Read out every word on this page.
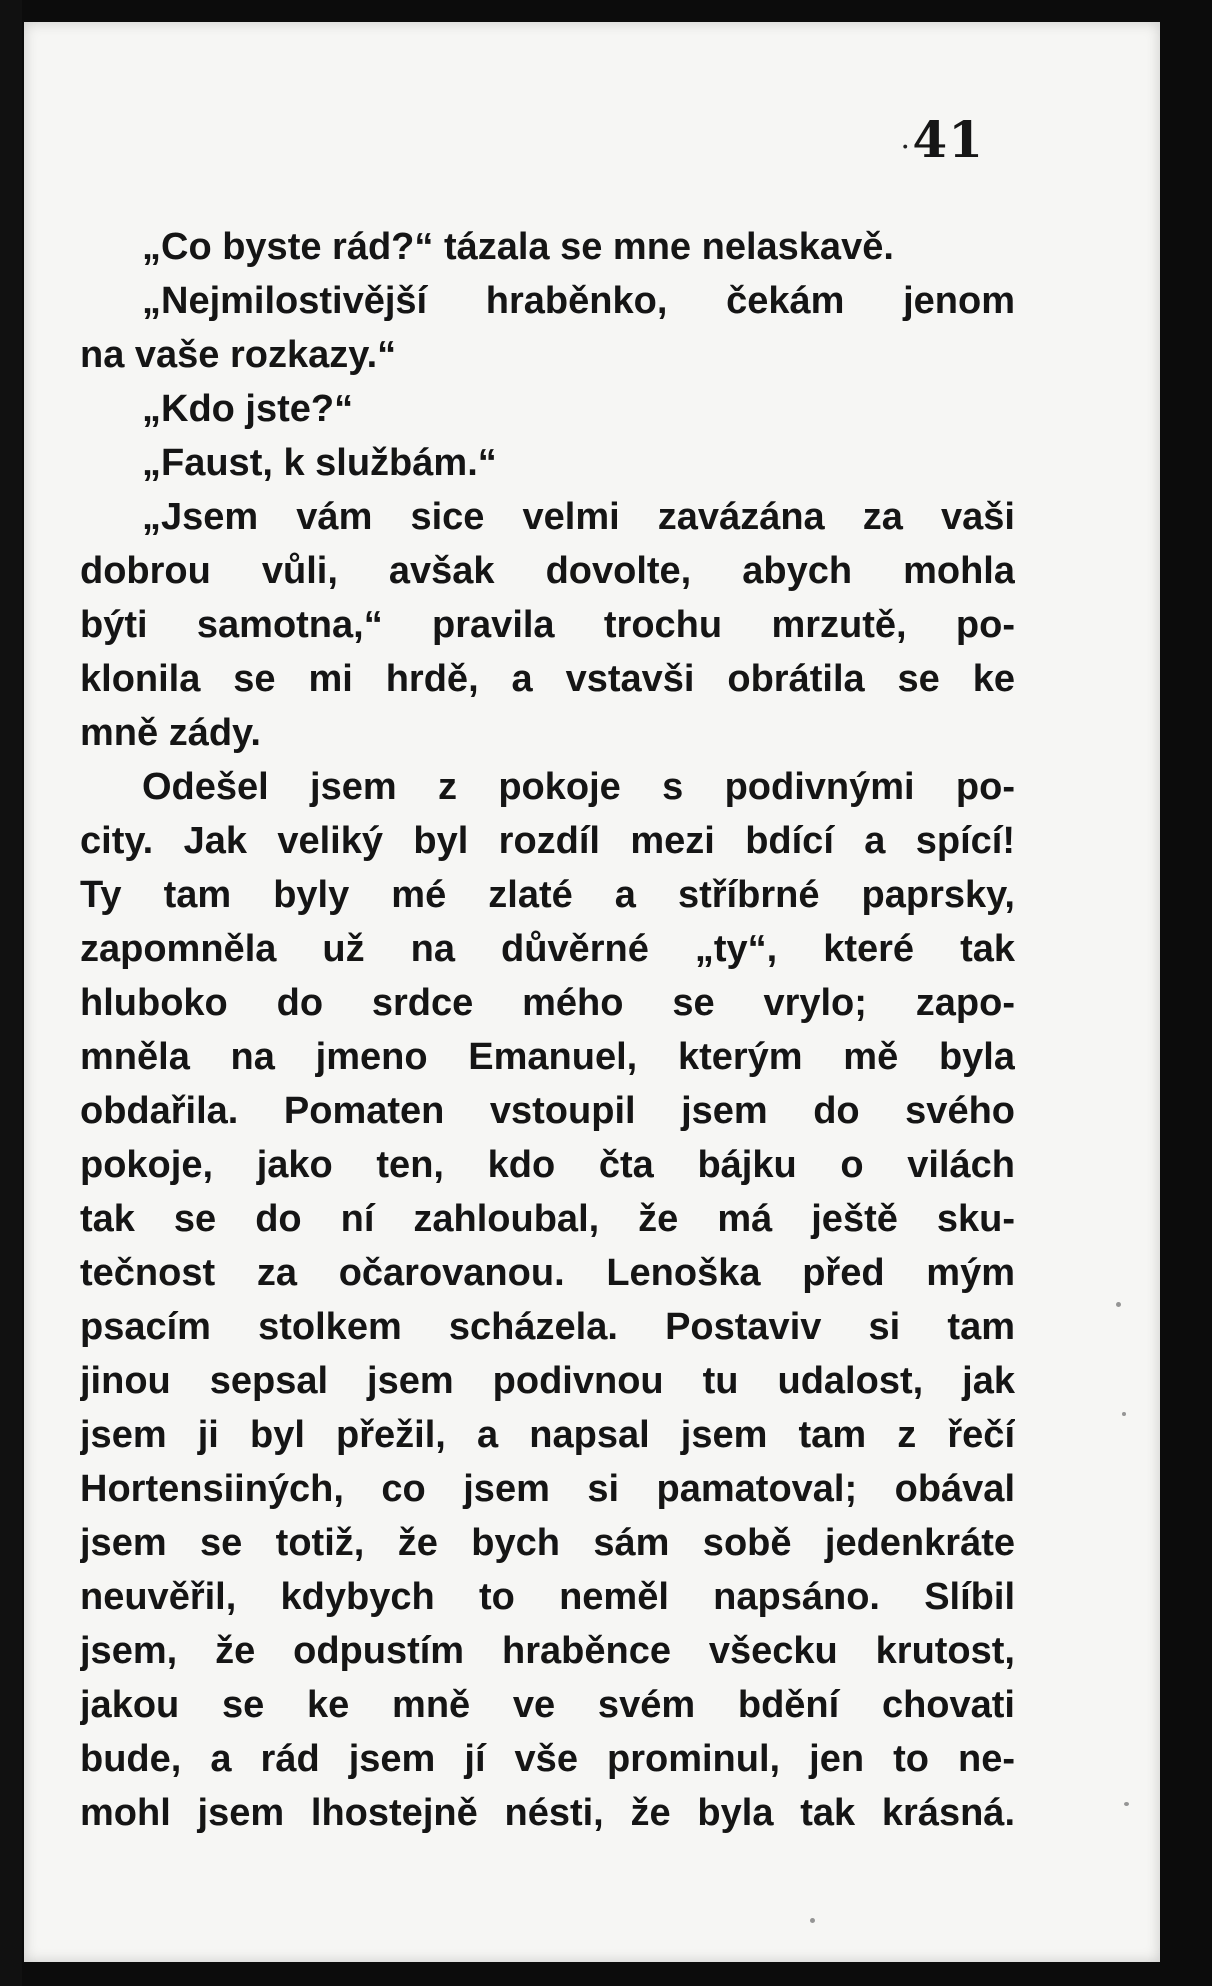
· 41
„Co byste rád?“ tázala se mne nelaskavě.
„Nejmilostivější hraběnko, čekám jenom
na vaše rozkazy.“
„Kdo jste?“
„Faust, k službám.“
„Jsem vám sice velmi zavázána za vaši
dobrou vůli, avšak dovolte, abych mohla
býti samotna,“ pravila trochu mrzutě, po-
klonila se mi hrdě, a vstavši obrátila se ke
mně zády.
Odešel jsem z pokoje s podivnými po-
city. Jak veliký byl rozdíl mezi bdící a spící!
Ty tam byly mé zlaté a stříbrné paprsky,
zapomněla už na důvěrné „ty“, které tak
hluboko do srdce mého se vrylo; zapo-
mněla na jmeno Emanuel, kterým mě byla
obdařila. Pomaten vstoupil jsem do svého
pokoje, jako ten, kdo čta bájku o vilách
tak se do ní zahloubal, že má ještě sku-
tečnost za očarovanou. Lenoška před mým
psacím stolkem scházela. Postaviv si tam
jinou sepsal jsem podivnou tu udalost, jak
jsem ji byl přežil, a napsal jsem tam z řečí
Hortensiiných, co jsem si pamatoval; obával
jsem se totiž, že bych sám sobě jedenkráte
neuvěřil, kdybych to neměl napsáno. Slíbil
jsem, že odpustím hraběnce všecku krutost,
jakou se ke mně ve svém bdění chovati
bude, a rád jsem jí vše prominul, jen to ne-
mohl jsem lhostejně nésti, že byla tak krásná.
